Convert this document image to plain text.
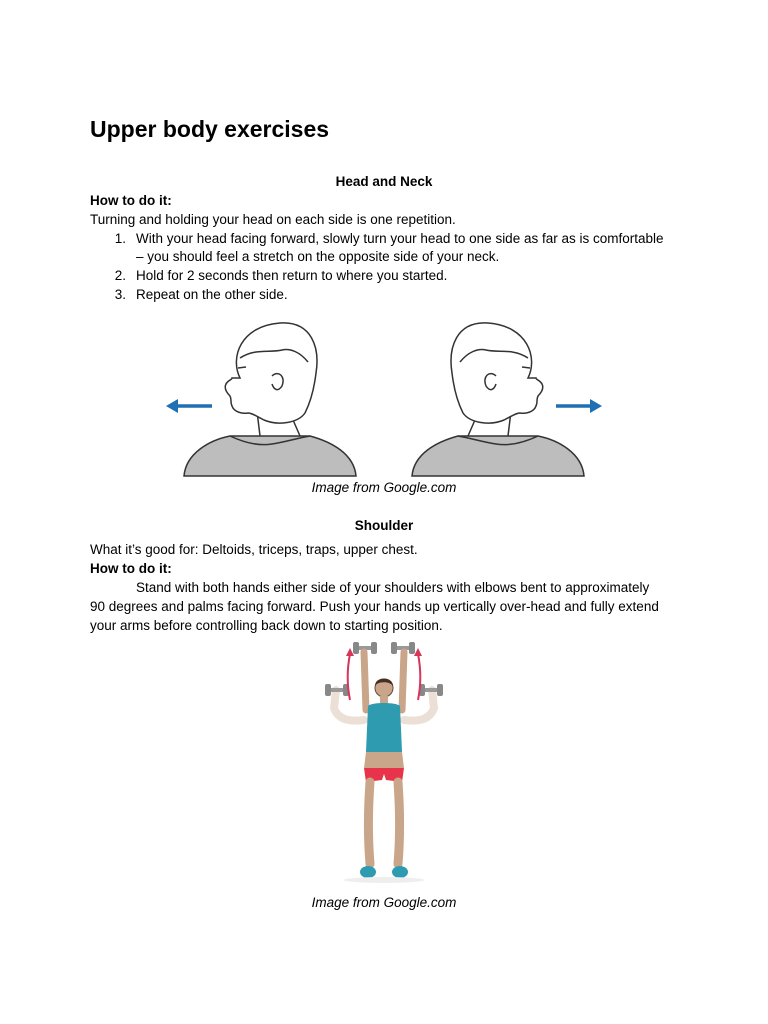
Upper body exercises
Head and Neck
How to do it:
Turning and holding your head on each side is one repetition.
1. With your head facing forward, slowly turn your head to one side as far as is comfortable
– you should feel a stretch on the opposite side of your neck.
2. Hold for 2 seconds then return to where you started.
3. Repeat on the other side.
Image from Google.com
Shoulder
What it’s good for: Deltoids, triceps, traps, upper chest.
How to do it:
Stand with both hands either side of your shoulders with elbows bent to approximately
90 degrees and palms facing forward. Push your hands up vertically over-head and fully extend
your arms before controlling back down to starting position.
Image from Google.com
